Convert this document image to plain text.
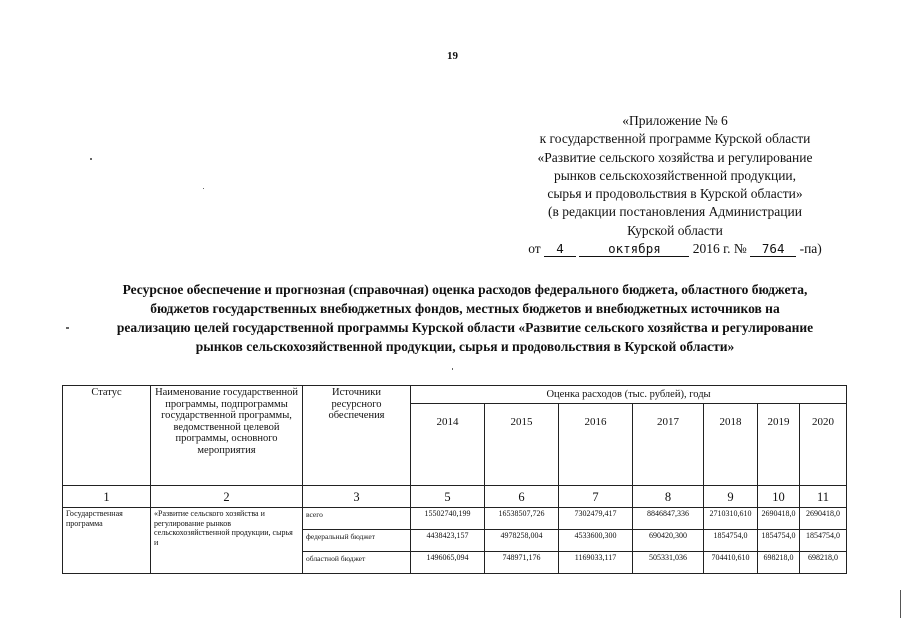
19
«Приложение № 6
к государственной программе Курской области
«Развитие сельского хозяйства и регулирование
рынков сельскохозяйственной продукции,
сырья и продовольствия в Курской области»
(в редакции постановления Администрации
Курской области
от 4	октября 2016 г. № 764 -па)
Ресурсное обеспечение и прогнозная (справочная) оценка расходов федерального бюджета, областного бюджета,
бюджетов государственных внебюджетных фондов, местных бюджетов и внебюджетных источников на
реализацию целей государственной программы Курской области «Развитие сельского хозяйства и регулирование
рынков сельскохозяйственной продукции, сырья и продовольствия в Курской области»
Статус	Наименование государственной программы, подпрограммы государственной программы, ведомственной целевой программы, основного мероприятия	Источники ресурсного обеспечения	Оценка расходов (тыс. рублей), годы						
			2014	2015	2016	2017	2018	2019	2020
1	2	3	5	6	7	8	9	10	11
Государственная программа	«Развитие сельского хозяйства и регулирование рынков сельскохозяйственной продукции, сырья и	всего	15502740,199	16538507,726	7302479,417	8846847,336	2710310,610	2690418,0	2690418,0
		федеральный бюджет	4438423,157	4978258,004	4533600,300	690420,300	1854754,0	1854754,0	1854754,0
		областной бюджет	1496065,094	748971,176	1169033,117	505331,036	704410,610	698218,0	698218,0
